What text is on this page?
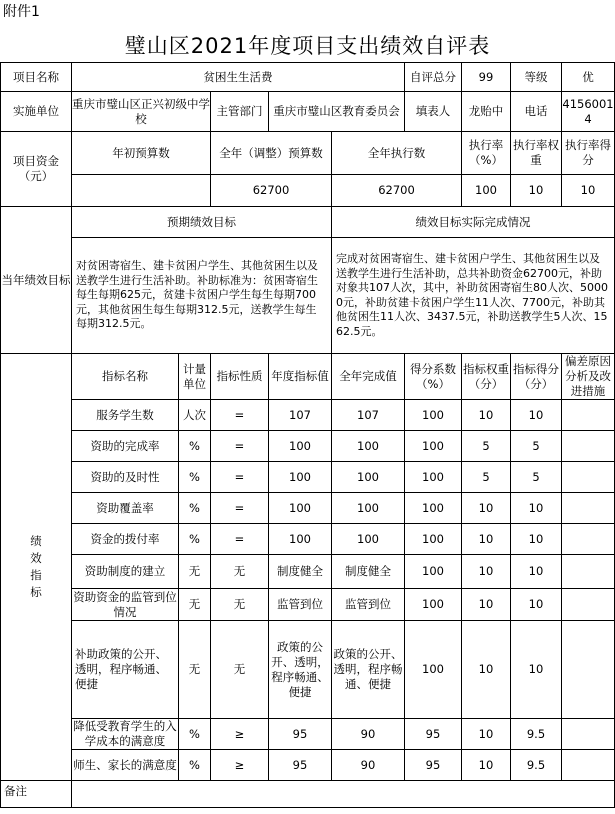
附件1
璧山区2021年度项目支出绩效自评表
项目名称	贫困生生活费					自评总分	99	等级	优
实施单位	重庆市璧山区正兴初级中学校		主管部门	重庆市璧山区教育委员会		填表人	龙贻中	电话	41560014
项目资金（元）	年初预算数		全年（调整）预算数		全年执行数		执行率（%）	执行率权重	执行率得分
			62700		62700		100	10	10
当年绩效目标	预期绩效目标				绩效目标实际完成情况				
	对贫困寄宿生、建卡贫困户学生、其他贫困生以及送教学生进行生活补助。补助标准为：贫困寄宿生每生每期625元，贫建卡贫困户学生每生每期700元，其他贫困生每生每期312.5元，送教学生每生每期312.5元。				完成对贫困寄宿生、建卡贫困户学生、其他贫困生以及送教学生进行生活补助，总共补助资金62700元，补助对象共107人次，其中，补助贫困寄宿生80人次、50000元，补助贫建卡贫困户学生11人次、7700元，补助其他贫困生11人次、3437.5元，补助送教学生5人次、1562.5元。				

绩效指标	指标名称	计量单位	指标性质	年度指标值	全年完成值	得分系数（%）	指标权重（分）	指标得分（分）	偏差原因分析及改进措施
	服务学生数	人次	=	107	107	100	10	10	
	资助的完成率	%	=	100	100	100	5	5	
	资助的及时性	%	=	100	100	100	5	5	
	资助覆盖率	%	=	100	100	100	10	10	
	资金的拨付率	%	=	100	100	100	10	10	
	资助制度的建立	无	无	制度健全	制度健全	100	10	10	
	资助资金的监管到位情况	无	无	监管到位	监管到位	100	10	10	
	补助政策的公开、透明，程序畅通、便捷	无	无	政策的公开、透明，程序畅通、便捷	政策的公开、透明，程序畅通、便捷	100	10	10	
	降低受教育学生的入学成本的满意度	%	≥	95	90	95	10	9.5	
	师生、家长的满意度	%	≥	95	90	95	10	9.5	
备注									
